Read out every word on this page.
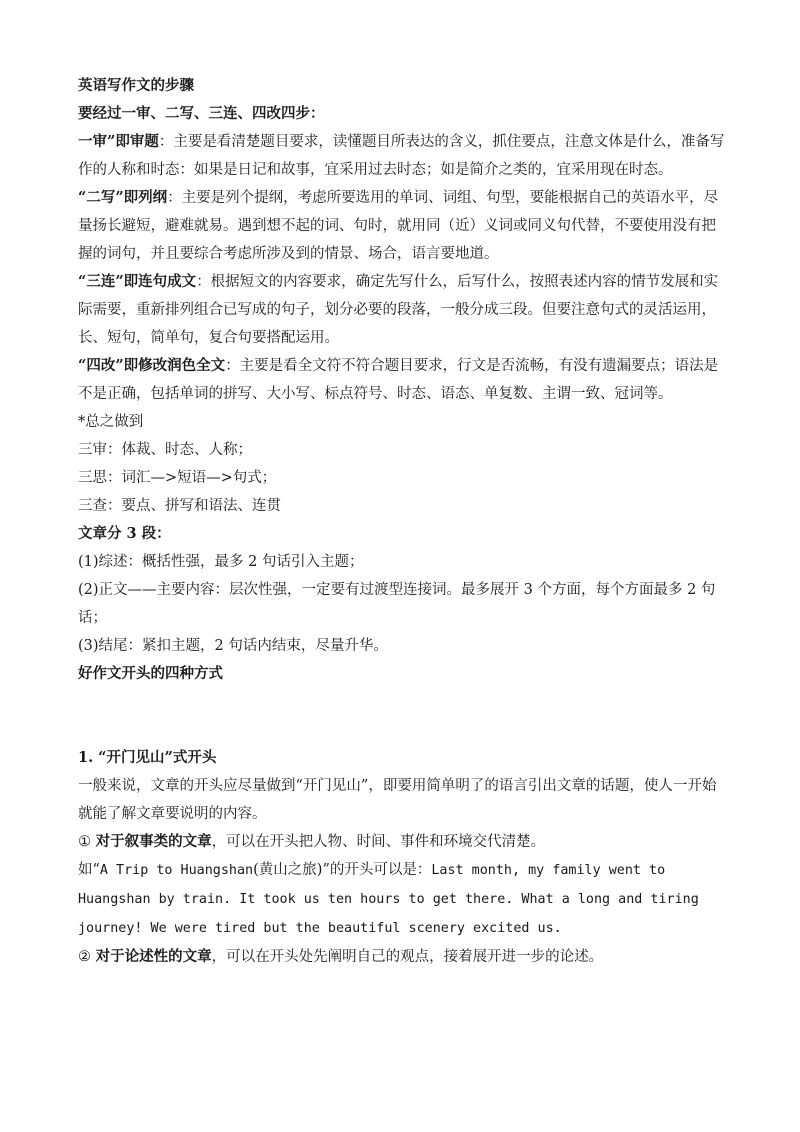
英语写作文的步骤

要经过一审、二写、三连、四改四步：

一审”即审题：主要是看清楚题目要求，读懂题目所表达的含义，抓住要点，注意文体是什么，准备写作的人称和时态：如果是日记和故事，宜采用过去时态；如是简介之类的，宜采用现在时态。

“二写”即列纲：主要是列个提纲，考虑所要选用的单词、词组、句型，要能根据自己的英语水平，尽量扬长避短，避难就易。遇到想不起的词、句时，就用同（近）义词或同义句代替，不要使用没有把握的词句，并且要综合考虑所涉及到的情景、场合，语言要地道。

“三连”即连句成文：根据短文的内容要求，确定先写什么，后写什么，按照表述内容的情节发展和实际需要，重新排列组合已写成的句子，划分必要的段落，一般分成三段。但要注意句式的灵活运用，长、短句，简单句，复合句要搭配运用。

“四改”即修改润色全文：主要是看全文符不符合题目要求，行文是否流畅，有没有遗漏要点；语法是不是正确，包括单词的拼写、大小写、标点符号、时态、语态、单复数、主谓一致、冠词等。

*总之做到

三审：体裁、时态、人称；

三思：词汇—>短语—>句式；

三查：要点、拼写和语法、连贯

文章分 3 段：

(1)综述：概括性强，最多 2 句话引入主题；

(2)正文——主要内容：层次性强，一定要有过渡型连接词。最多展开 3 个方面，每个方面最多 2 句话；

(3)结尾：紧扣主题，2 句话内结束，尽量升华。

好作文开头的四种方式

1. “开门见山”式开头

一般来说，文章的开头应尽量做到“开门见山”，即要用简单明了的语言引出文章的话题，使人一开始就能了解文章要说明的内容。

① 对于叙事类的文章，可以在开头把人物、时间、事件和环境交代清楚。

如“A Trip to Huangshan(黄山之旅)”的开头可以是：Last month, my family went to Huangshan by train. It took us ten hours to get there. What a long and tiring journey! We were tired but the beautiful scenery excited us.

② 对于论述性的文章，可以在开头处先阐明自己的观点，接着展开进一步的论述。
